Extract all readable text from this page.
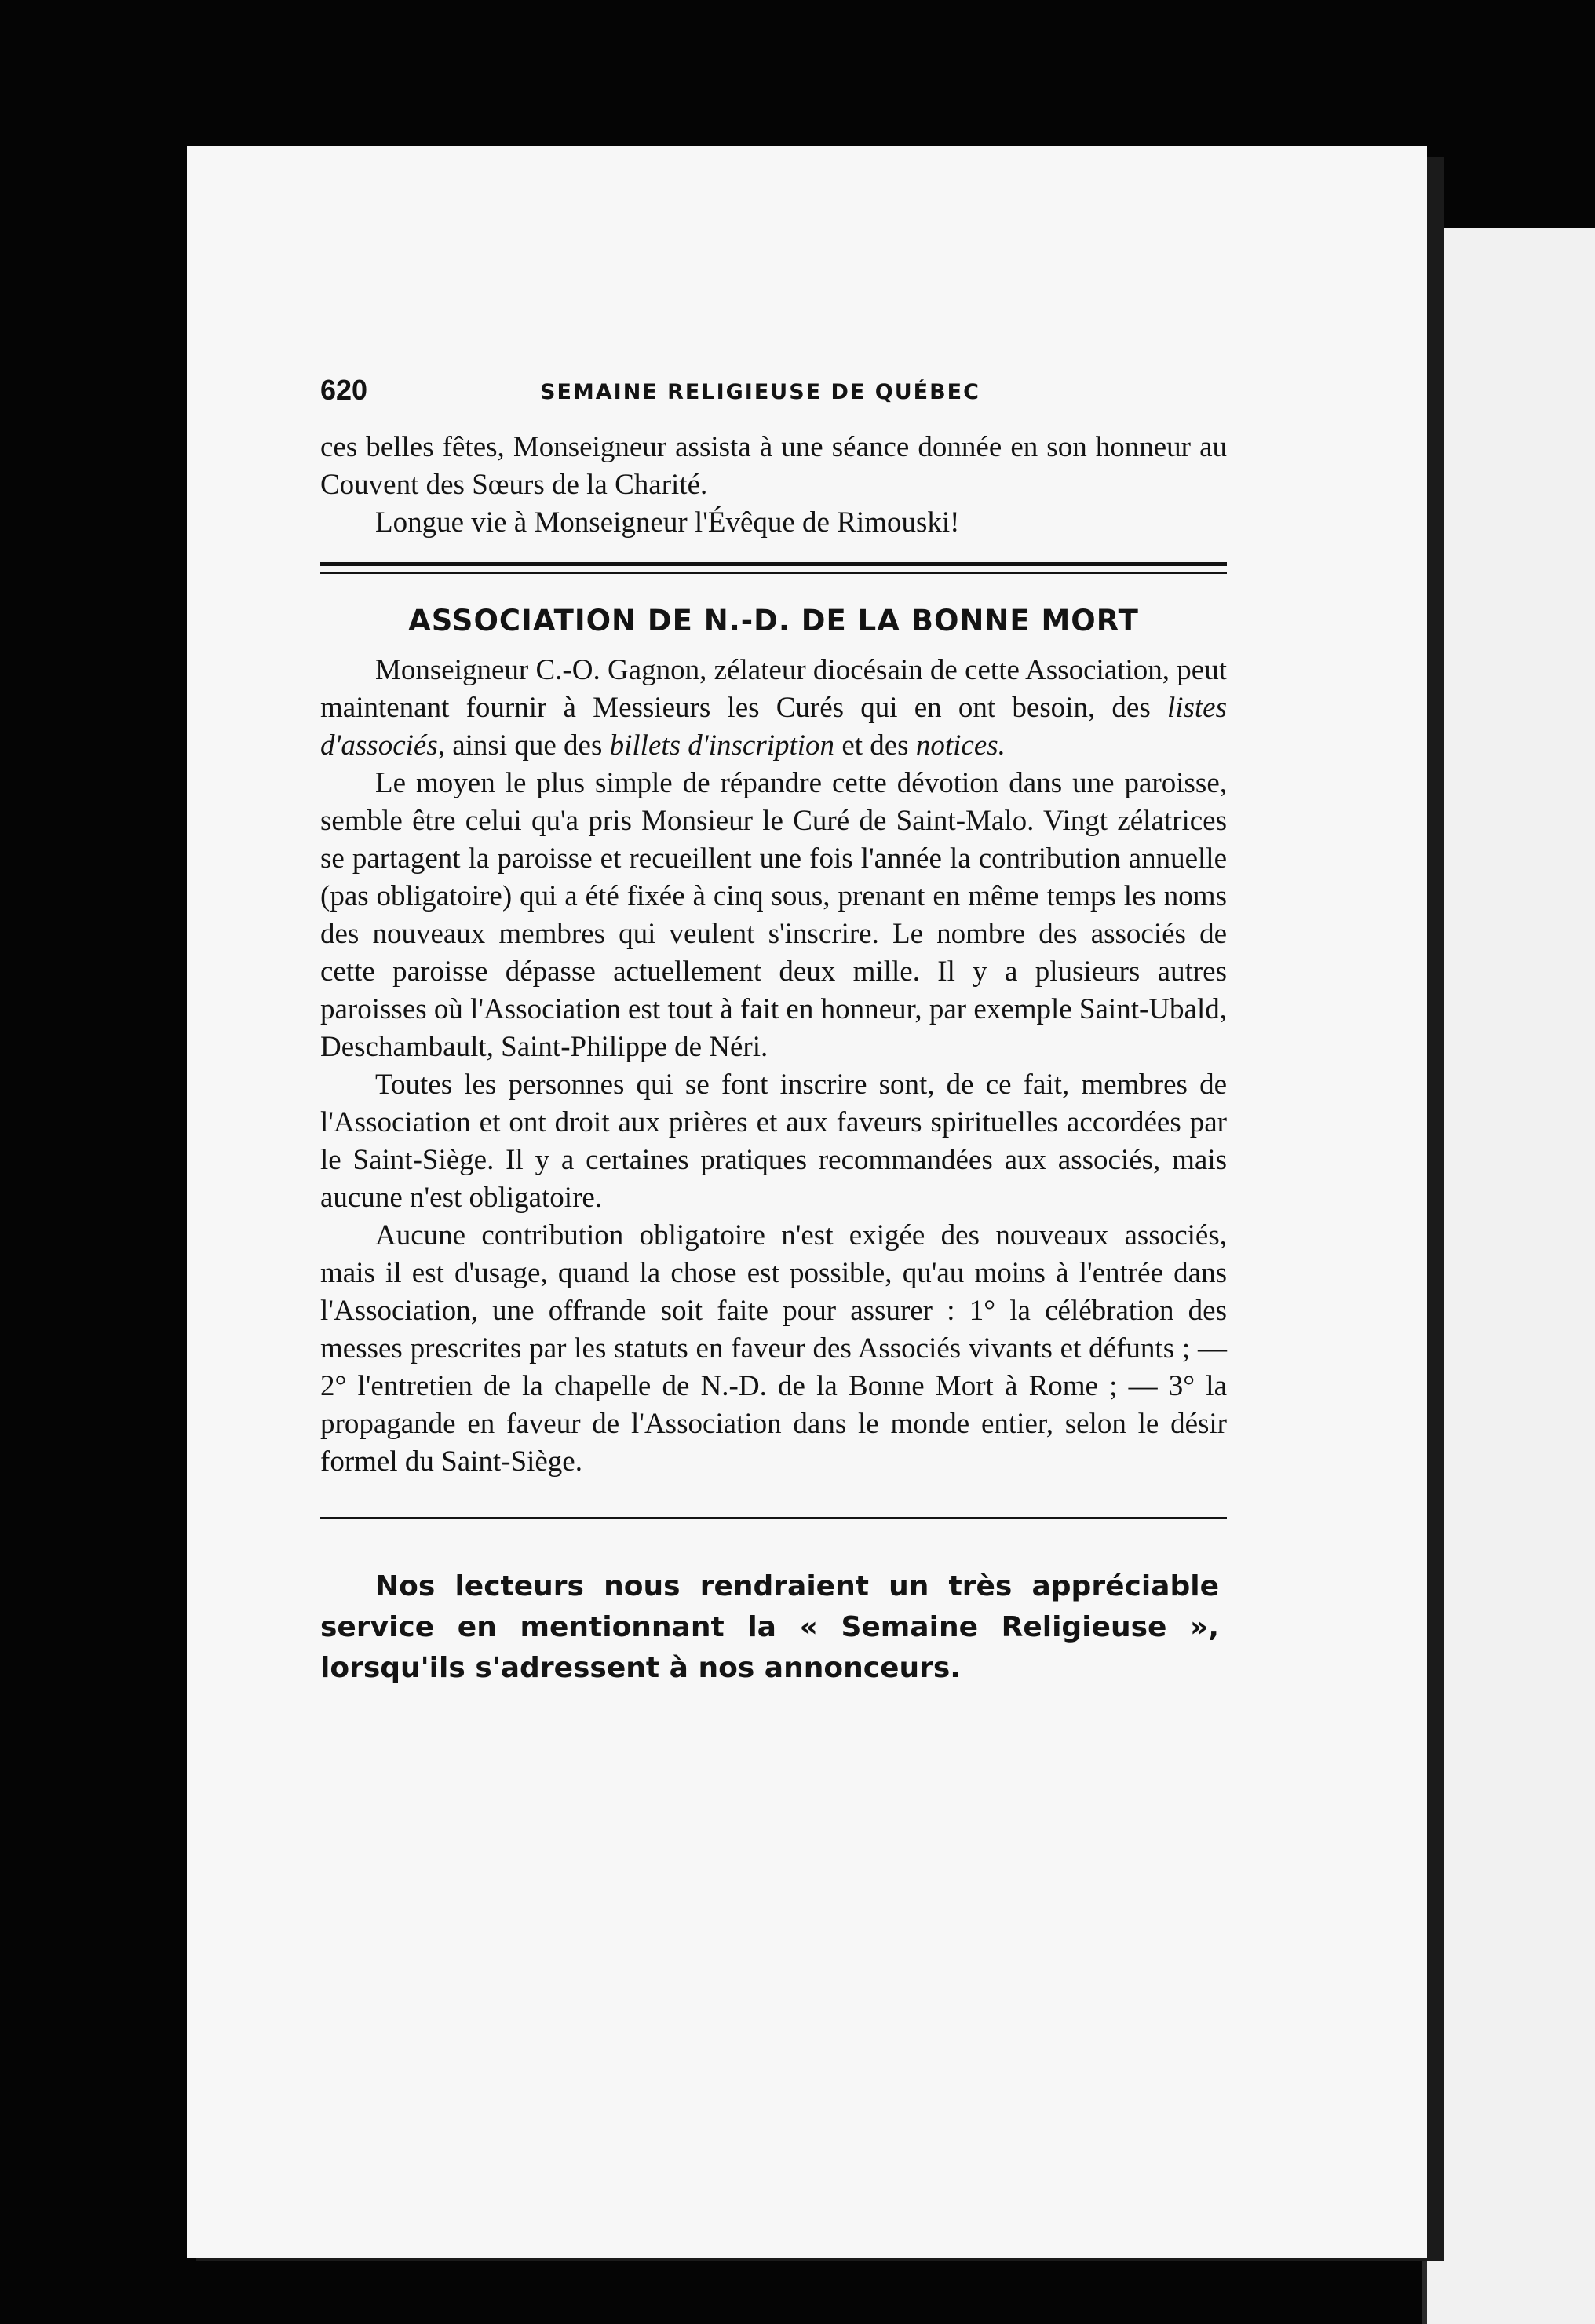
620	SEMAINE RELIGIEUSE DE QUÉBEC

ces belles fêtes, Monseigneur assista à une séance donnée en son honneur au Couvent des Sœurs de la Charité.

Longue vie à Monseigneur l'Évêque de Rimouski!

ASSOCIATION DE N.-D. DE LA BONNE MORT

Monseigneur C.-O. Gagnon, zélateur diocésain de cette Association, peut maintenant fournir à Messieurs les Curés qui en ont besoin, des listes d'associés, ainsi que des billets d'inscription et des notices.

Le moyen le plus simple de répandre cette dévotion dans une paroisse, semble être celui qu'a pris Monsieur le Curé de Saint-Malo. Vingt zélatrices se partagent la paroisse et recueillent une fois l'année la contribution annuelle (pas obligatoire) qui a été fixée à cinq sous, prenant en même temps les noms des nouveaux membres qui veulent s'inscrire. Le nombre des associés de cette paroisse dépasse actuellement deux mille. Il y a plusieurs autres paroisses où l'Association est tout à fait en honneur, par exemple Saint-Ubald, Deschambault, Saint-Philippe de Néri.

Toutes les personnes qui se font inscrire sont, de ce fait, membres de l'Association et ont droit aux prières et aux faveurs spirituelles accordées par le Saint-Siège. Il y a certaines pratiques recommandées aux associés, mais aucune n'est obligatoire.

Aucune contribution obligatoire n'est exigée des nouveaux associés, mais il est d'usage, quand la chose est possible, qu'au moins à l'entrée dans l'Association, une offrande soit faite pour assurer : 1° la célébration des messes prescrites par les statuts en faveur des Associés vivants et défunts ; — 2° l'entretien de la chapelle de N.-D. de la Bonne Mort à Rome ; — 3° la propagande en faveur de l'Association dans le monde entier, selon le désir formel du Saint-Siège.

Nos lecteurs nous rendraient un très appréciable service en mentionnant la « Semaine Religieuse », lorsqu'ils s'adressent à nos annonceurs.
